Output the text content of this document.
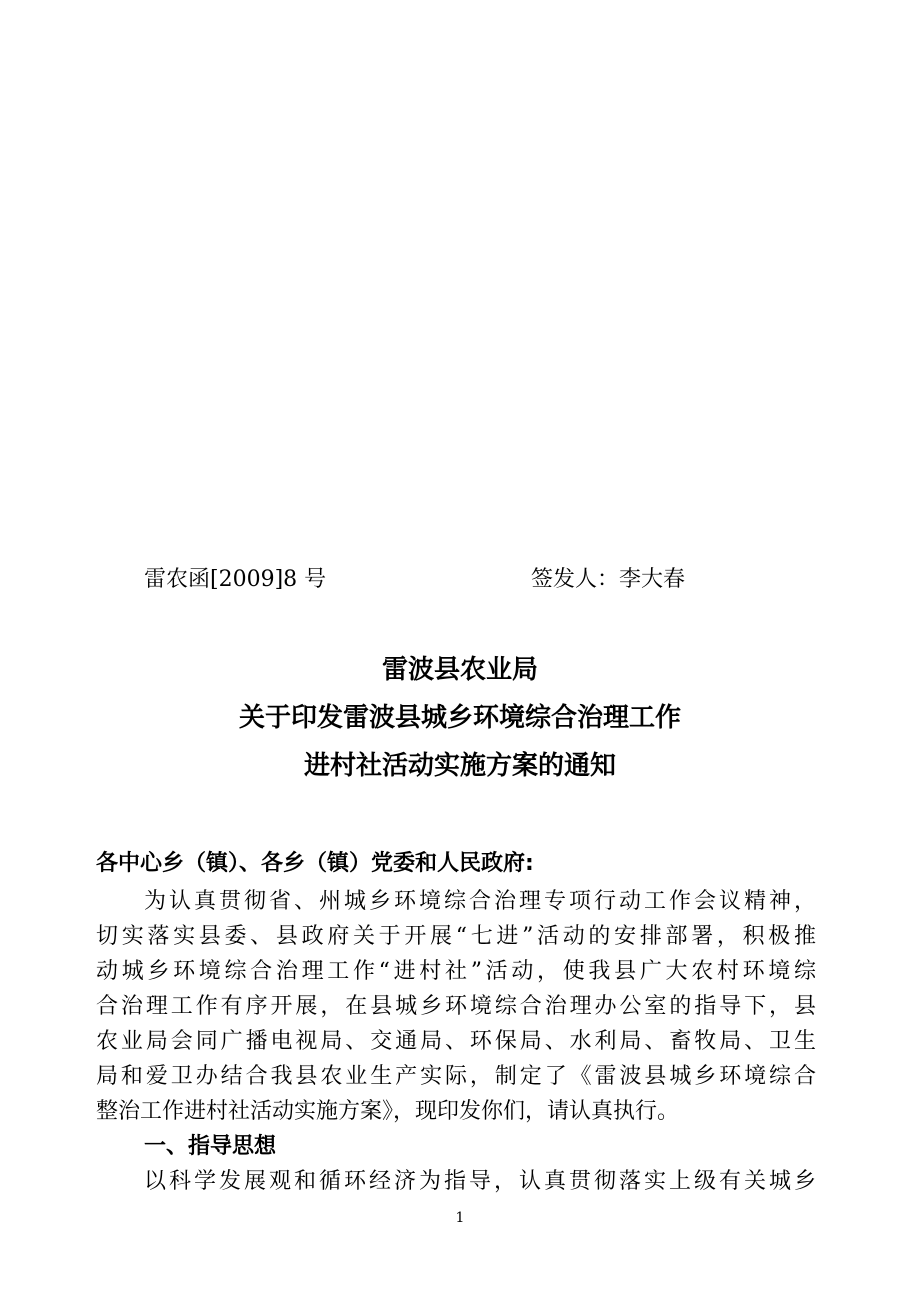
雷农函[2009]8 号	签发人：李大春
雷波县农业局
关于印发雷波县城乡环境综合治理工作
进村社活动实施方案的通知
各中心乡（镇）、各乡（镇）党委和人民政府:
为认真贯彻省、州城乡环境综合治理专项行动工作会议精神，
切实落实县委、县政府关于开展“七进”活动的安排部署，积极推
动城乡环境综合治理工作“进村社”活动，使我县广大农村环境综
合治理工作有序开展，在县城乡环境综合治理办公室的指导下，县
农业局会同广播电视局、交通局、环保局、水利局、畜牧局、卫生
局和爱卫办结合我县农业生产实际，制定了《雷波县城乡环境综合
整治工作进村社活动实施方案》，现印发你们，请认真执行。
一、指导思想
以科学发展观和循环经济为指导，认真贯彻落实上级有关城乡
1
